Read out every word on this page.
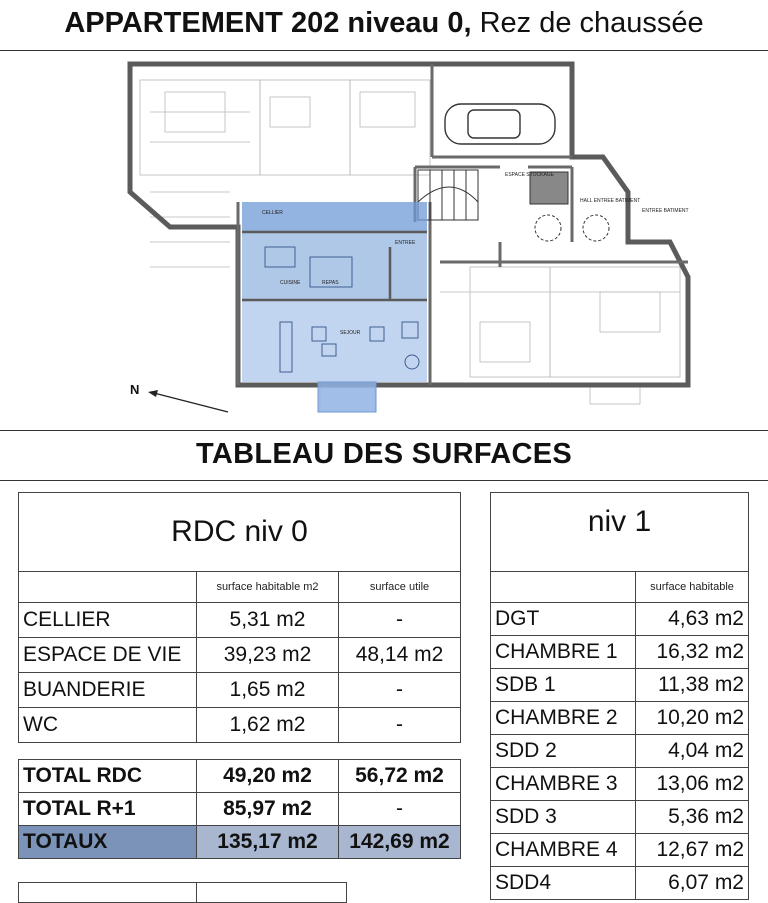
APPARTEMENT 202 niveau 0, Rez de chaussée
CELLIER
CUISINE	REPAS
SEJOUR
ESPACE STOCKAGE
ENTREE
ENTREE BATIMENT
HALL ENTREE BATIMENT
N
TABLEAU DES SURFACES
RDC niv 0		
	surface habitable m2	surface utile
CELLIER	5,31 m2	-
ESPACE DE VIE	39,23 m2	48,14 m2
BUANDERIE	1,65 m2	-
WC	1,62 m2	-
TOTAL RDC	49,20 m2	56,72 m2
TOTAL R+1	85,97 m2	-
TOTAUX	135,17 m2	142,69 m2

niv 1	
	surface habitable
DGT	4,63 m2
CHAMBRE 1	16,32 m2
SDB 1	11,38 m2
CHAMBRE 2	10,20 m2
SDD 2	4,04 m2
CHAMBRE 3	13,06 m2
SDD 3	5,36 m2
CHAMBRE 4	12,67 m2
SDD4	6,07 m2
